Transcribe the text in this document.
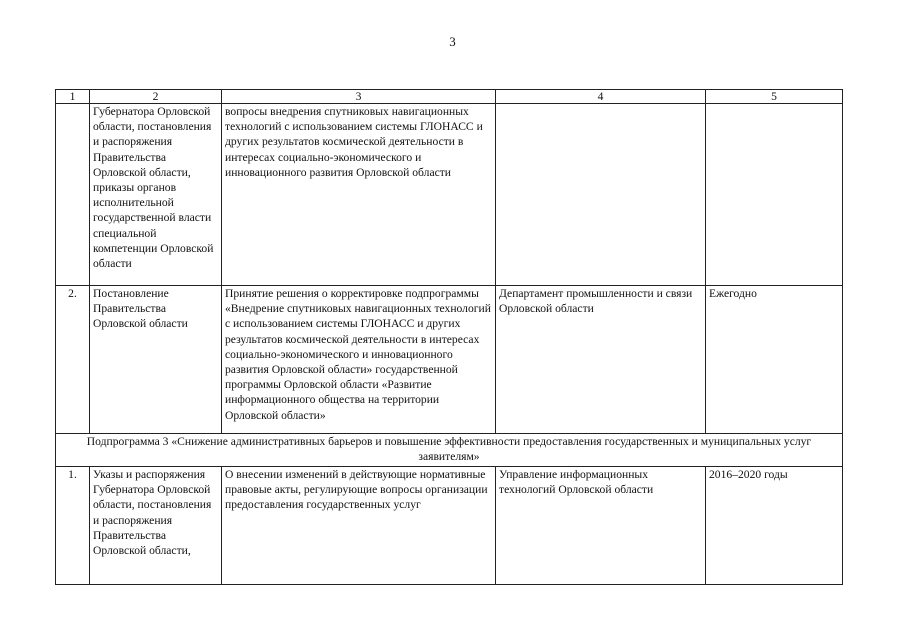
3
1	2	3	4	5
	Губернатора Орловской области, постановления и распоряжения Правительства Орловской области, приказы органов исполнительной государственной власти специальной компетенции Орловской области	вопросы внедрения спутниковых навигационных технологий с использованием системы ГЛОНАСС и других результатов космической деятельности в интересах социально-экономического и инновационного развития Орловской области		
2.	Постановление Правительства Орловской области	Принятие решения о корректировке подпрограммы «Внедрение спутниковых навигационных технологий с использованием системы ГЛОНАСС и других результатов космической деятельности в интересах социально-экономического и инновационного развития Орловской области» государственной программы Орловской области «Развитие информационного общества на территории Орловской области»	Департамент промышленности и связи Орловской области	Ежегодно
Подпрограмма 3 «Снижение административных барьеров и повышение эффективности предоставления государственных и муниципальных услуг заявителям»				
1.	Указы и распоряжения Губернатора Орловской области, постановления и распоряжения Правительства Орловской области,	О внесении изменений в действующие нормативные правовые акты, регулирующие вопросы организации предоставления государственных услуг	Управление информационных технологий Орловской области	2016–2020 годы
